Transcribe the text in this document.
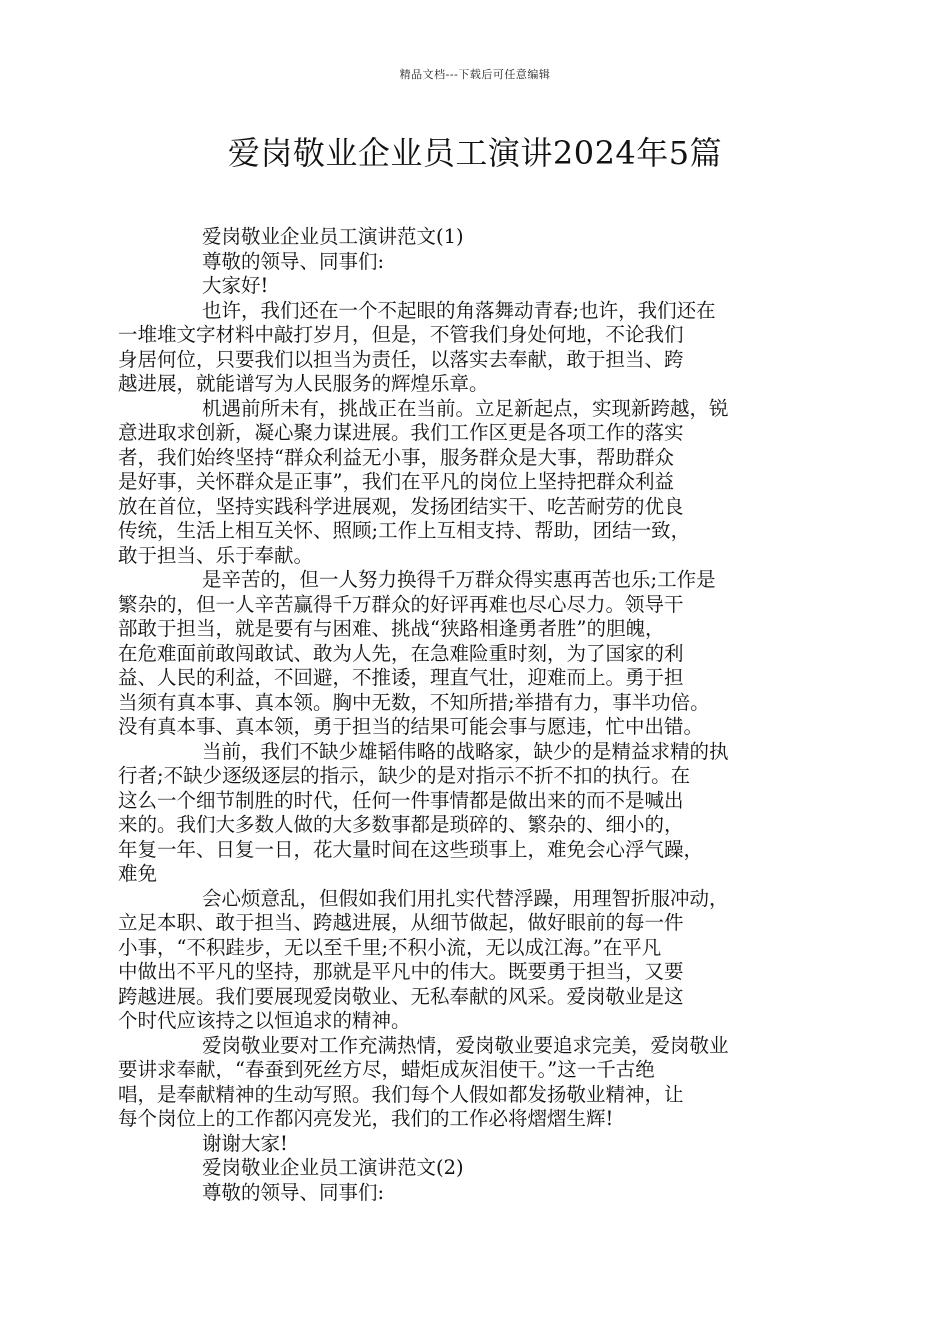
精品文档---下载后可任意编辑
爱岗敬业企业员工演讲2024年5篇

爱岗敬业企业员工演讲范文(1)

尊敬的领导、同事们:

大家好!

也许，我们还在一个不起眼的角落舞动青春;也许，我们还在

一堆堆文字材料中敲打岁月，但是，不管我们身处何地，不论我们

身居何位，只要我们以担当为责任，以落实去奉献，敢于担当、跨

越进展，就能谱写为人民服务的辉煌乐章。

机遇前所未有，挑战正在当前。立足新起点，实现新跨越，锐

意进取求创新，凝心聚力谋进展。我们工作区更是各项工作的落实

者，我们始终坚持“群众利益无小事，服务群众是大事，帮助群众

是好事，关怀群众是正事”，我们在平凡的岗位上坚持把群众利益

放在首位，坚持实践科学进展观，发扬团结实干、吃苦耐劳的优良

传统，生活上相互关怀、照顾;工作上互相支持、帮助，团结一致，

敢于担当、乐于奉献。

是辛苦的，但一人努力换得千万群众得实惠再苦也乐;工作是

繁杂的，但一人辛苦赢得千万群众的好评再难也尽心尽力。领导干

部敢于担当，就是要有与困难、挑战“狭路相逢勇者胜”的胆魄，

在危难面前敢闯敢试、敢为人先，在急难险重时刻，为了国家的利

益、人民的利益，不回避，不推诿，理直气壮，迎难而上。勇于担

当须有真本事、真本领。胸中无数，不知所措;举措有力，事半功倍。

没有真本事、真本领，勇于担当的结果可能会事与愿违，忙中出错。

当前，我们不缺少雄韬伟略的战略家，缺少的是精益求精的执

行者;不缺少逐级逐层的指示，缺少的是对指示不折不扣的执行。在

这么一个细节制胜的时代，任何一件事情都是做出来的而不是喊出

来的。我们大多数人做的大多数事都是琐碎的、繁杂的、细小的，

年复一年、日复一日，花大量时间在这些琐事上，难免会心浮气躁，

难免

会心烦意乱，但假如我们用扎实代替浮躁，用理智折服冲动，

立足本职、敢于担当、跨越进展，从细节做起，做好眼前的每一件

小事，“不积跬步，无以至千里;不积小流，无以成江海。”在平凡

中做出不平凡的坚持，那就是平凡中的伟大。既要勇于担当，又要

跨越进展。我们要展现爱岗敬业、无私奉献的风采。爱岗敬业是这

个时代应该持之以恒追求的精神。

爱岗敬业要对工作充满热情，爱岗敬业要追求完美，爱岗敬业

要讲求奉献，“春蚕到死丝方尽，蜡炬成灰泪使干。”这一千古绝

唱，是奉献精神的生动写照。我们每个人假如都发扬敬业精神，让

每个岗位上的工作都闪亮发光，我们的工作必将熠熠生辉!

谢谢大家!

爱岗敬业企业员工演讲范文(2)

尊敬的领导、同事们:
